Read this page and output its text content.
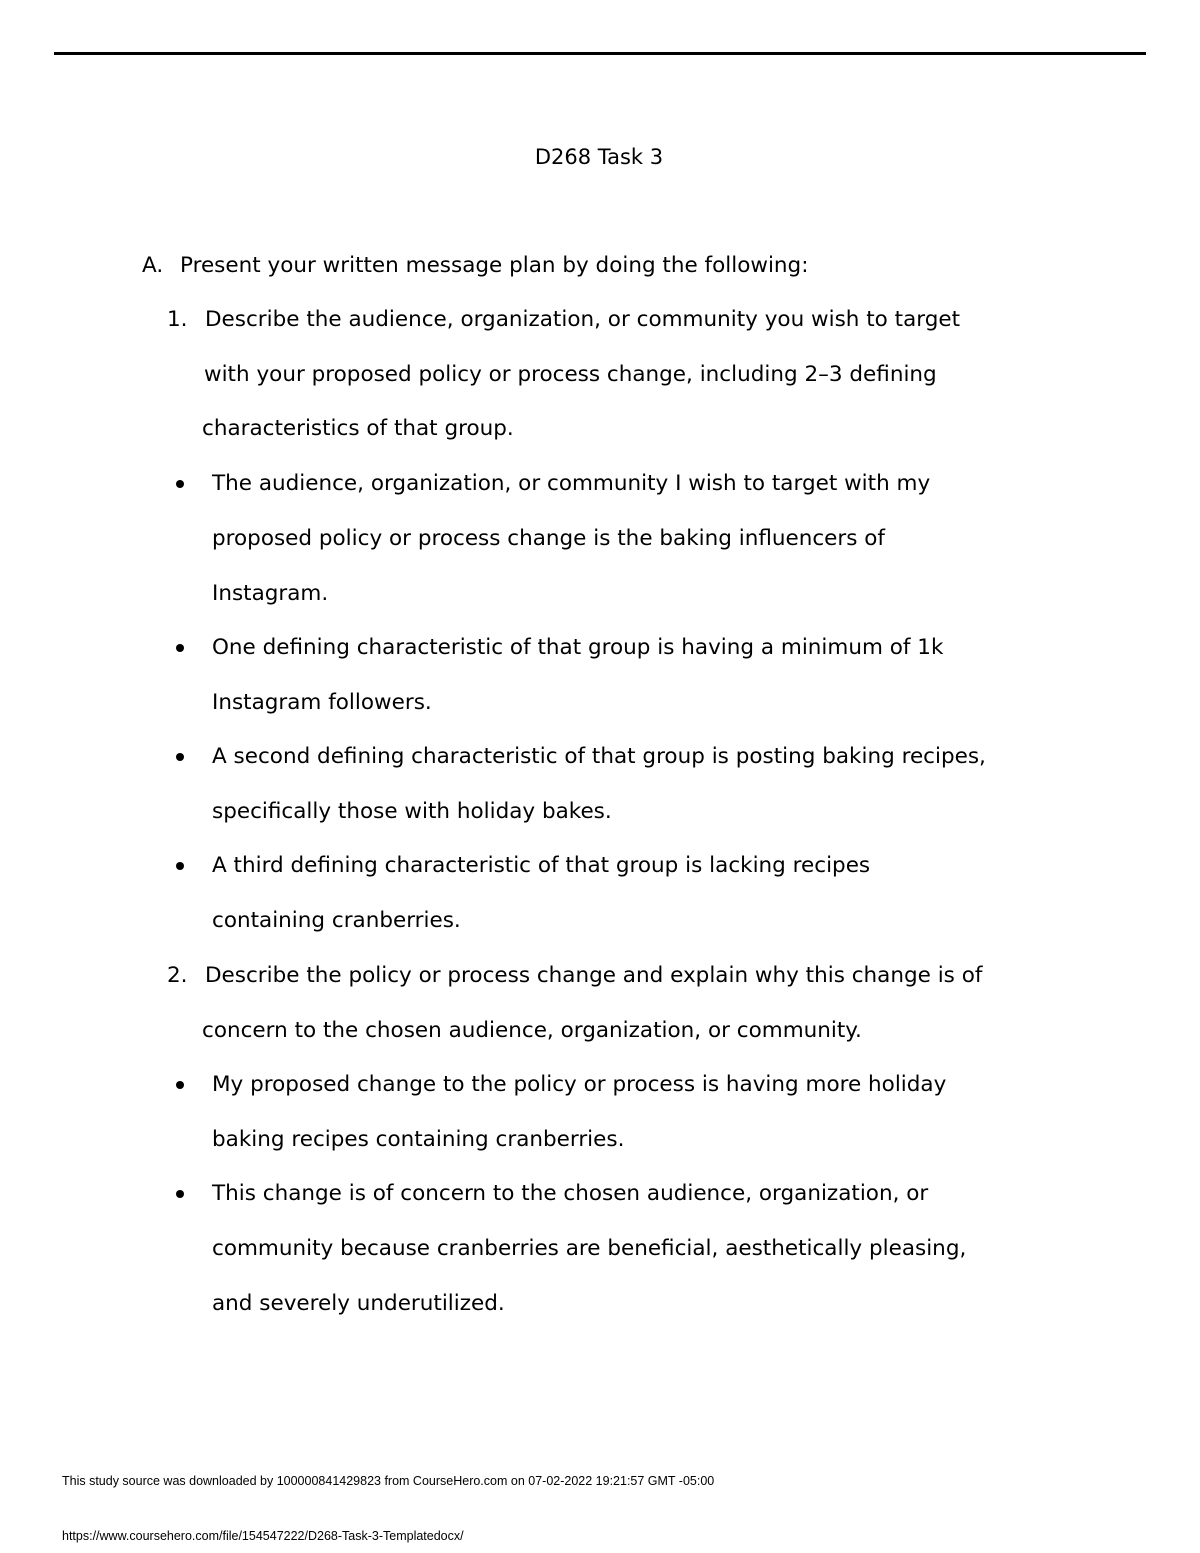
D268 Task 3
A. Present your written message plan by doing the following:
1. Describe the audience, organization, or community you wish to target
with your proposed policy or process change, including 2–3 defining
characteristics of that group.
The audience, organization, or community I wish to target with my
proposed policy or process change is the baking influencers of
Instagram.
One defining characteristic of that group is having a minimum of 1k
Instagram followers.
A second defining characteristic of that group is posting baking recipes,
specifically those with holiday bakes.
A third defining characteristic of that group is lacking recipes
containing cranberries.
2. Describe the policy or process change and explain why this change is of
concern to the chosen audience, organization, or community.
My proposed change to the policy or process is having more holiday
baking recipes containing cranberries.
This change is of concern to the chosen audience, organization, or
community because cranberries are beneficial, aesthetically pleasing,
and severely underutilized.
This study source was downloaded by 100000841429823 from CourseHero.com on 07-02-2022 19:21:57 GMT -05:00
https://www.coursehero.com/file/154547222/D268-Task-3-Templatedocx/
